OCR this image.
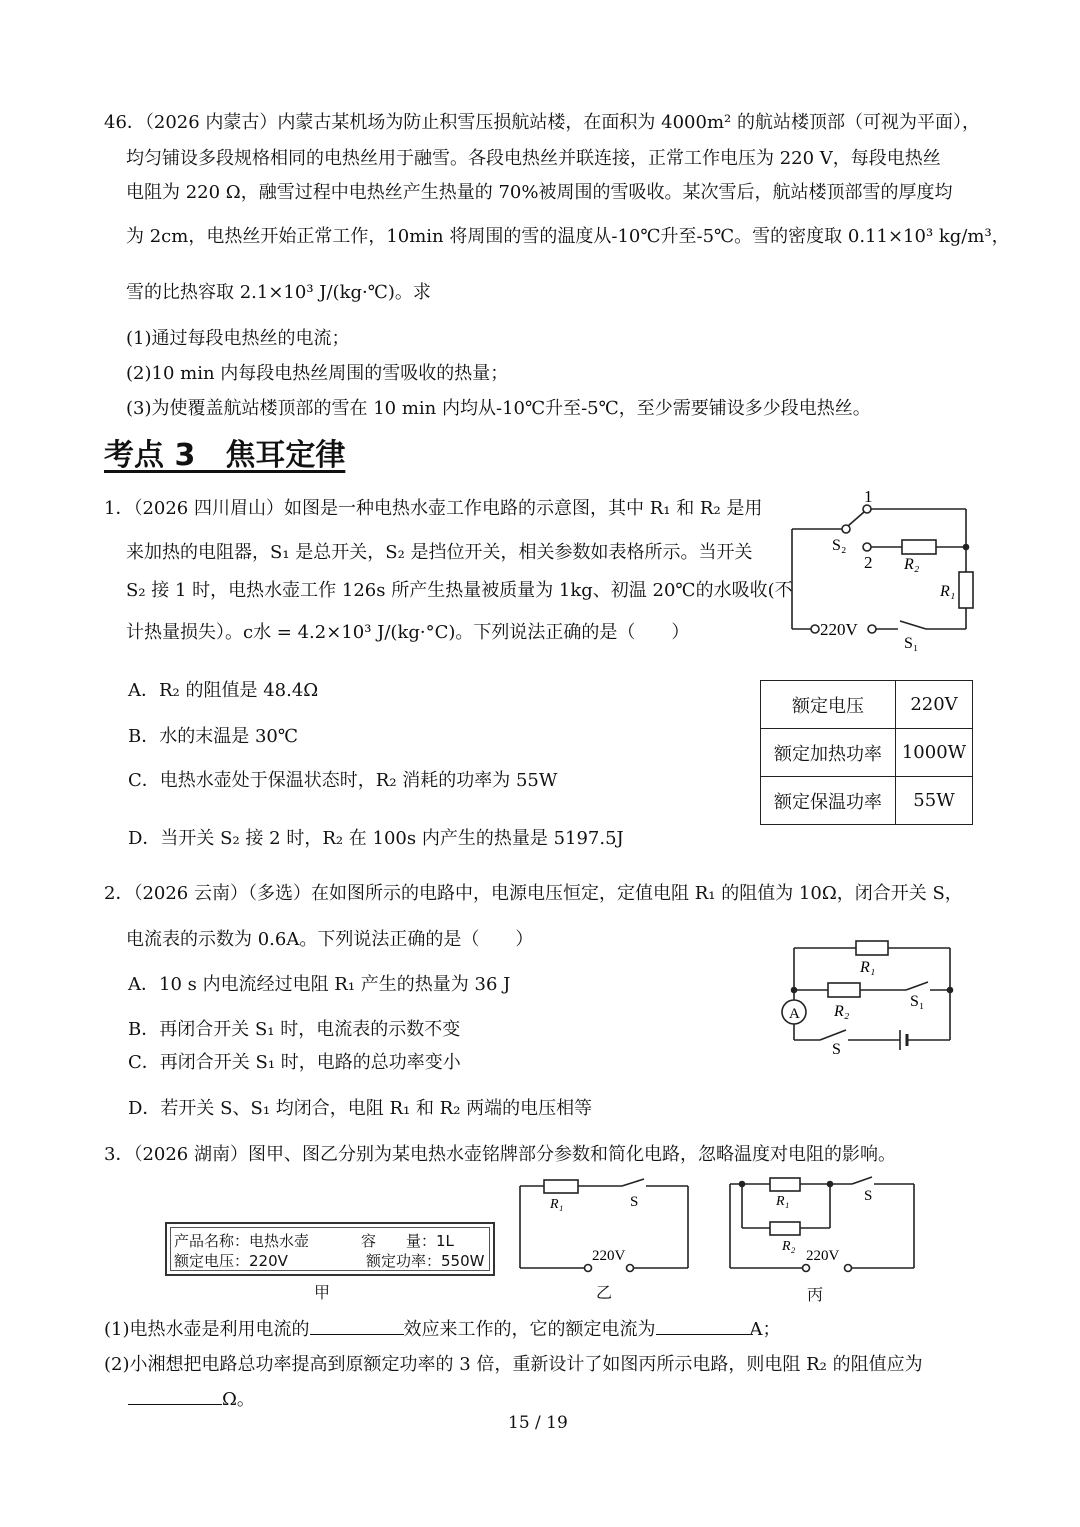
46．（2026 内蒙古）内蒙古某机场为防止积雪压损航站楼，在面积为 4000m² 的航站楼顶部（可视为平面），
均匀铺设多段规格相同的电热丝用于融雪。各段电热丝并联连接，正常工作电压为 220 V，每段电热丝
电阻为 220 Ω，融雪过程中电热丝产生热量的 70%被周围的雪吸收。某次雪后，航站楼顶部雪的厚度均
为 2cm，电热丝开始正常工作，10min 将周围的雪的温度从-10℃升至-5℃。雪的密度取 0.11×10³ kg/m³，
雪的比热容取 2.1×10³ J/(kg·℃)。求
(1)通过每段电热丝的电流；
(2)10 min 内每段电热丝周围的雪吸收的热量；
(3)为使覆盖航站楼顶部的雪在 10 min 内均从-10℃升至-5℃，至少需要铺设多少段电热丝。
考点 3　焦耳定律
1．（2026 四川眉山）如图是一种电热水壶工作电路的示意图，其中 R₁ 和 R₂ 是用
来加热的电阻器，S₁ 是总开关，S₂ 是挡位开关，相关参数如表格所示。当开关
S₂ 接 1 时，电热水壶工作 126s 所产生热量被质量为 1kg、初温 20℃的水吸收(不
计热量损失）。c水 = 4.2×10³ J/(kg·°C)。下列说法正确的是（　　）
A．R₂ 的阻值是 48.4Ω
B．水的末温是 30℃
C．电热水壶处于保温状态时，R₂ 消耗的功率为 55W
D．当开关 S₂ 接 2 时，R₂ 在 100s 内产生的热量是 5197.5J
1
2
S₂
R₂
R₁
220V
S₁
额定电压	220V
额定加热功率	1000W
额定保温功率	55W
2．（2026 云南）（多选）在如图所示的电路中，电源电压恒定，定值电阻 R₁ 的阻值为 10Ω，闭合开关 S，
电流表的示数为 0.6A。下列说法正确的是（　　）
A．10 s 内电流经过电阻 R₁ 产生的热量为 36 J
B．再闭合开关 S₁ 时，电流表的示数不变
C．再闭合开关 S₁ 时，电路的总功率变小
D．若开关 S、S₁ 均闭合，电阻 R₁ 和 R₂ 两端的电压相等
A
R₁
R₂
S₁
S
3．（2026 湖南）图甲、图乙分别为某电热水壶铭牌部分参数和简化电路，忽略温度对电阻的影响。
产品名称：电热水壶	容　　量：1L
额定电压：220V	额定功率：550W
甲
R₁	S
220V
乙
R₁
R₂
S
220V
丙
(1)电热水壶是利用电流的	效应来工作的，它的额定电流为	A；
(2)小湘想把电路总功率提高到原额定功率的 3 倍，重新设计了如图丙所示电路，则电阻 R₂ 的阻值应为
Ω。
15 / 19
